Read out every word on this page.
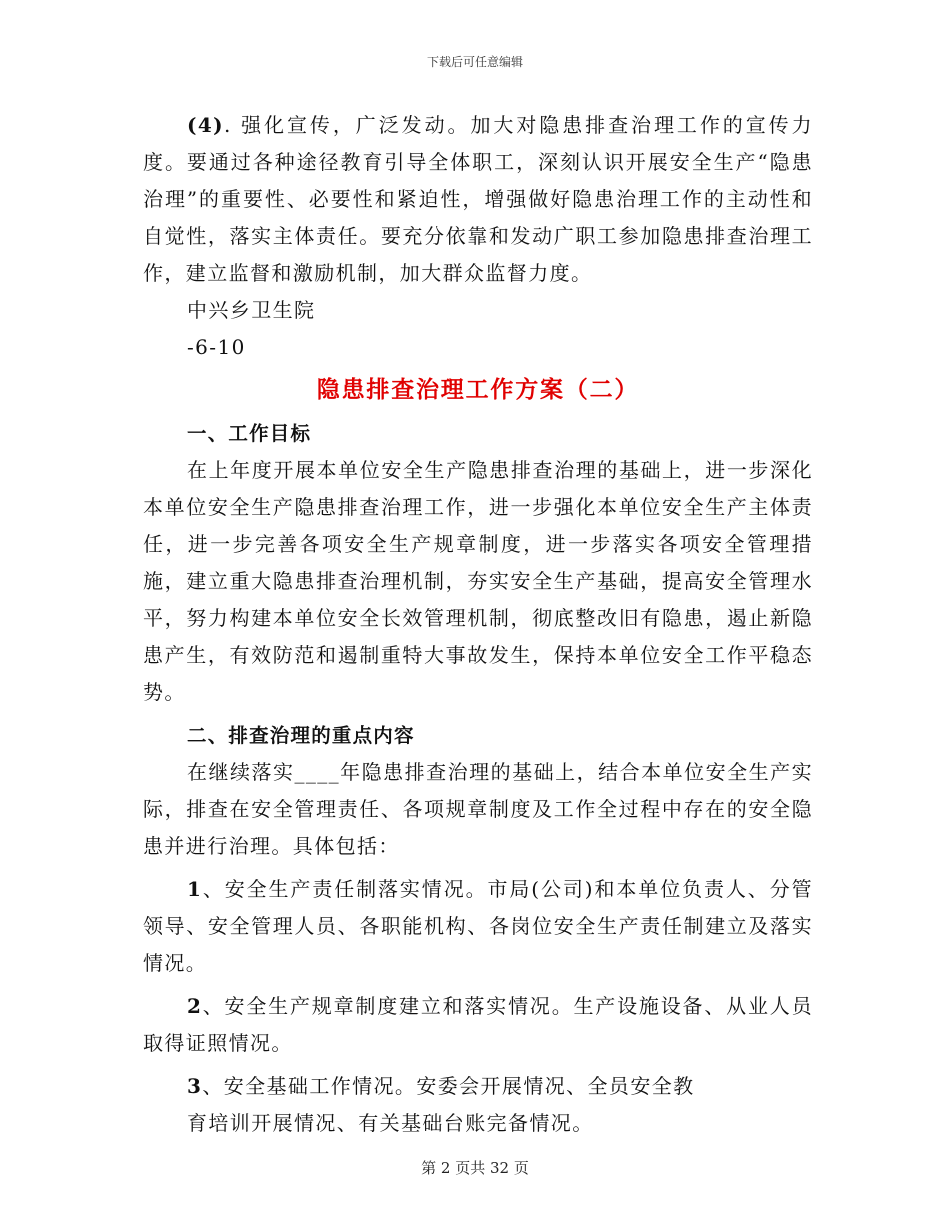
下载后可任意编辑

(4). 强化宣传，广泛发动。加大对隐患排查治理工作的宣传力度。要通过各种途径教育引导全体职工，深刻认识开展安全生产“隐患治理”的重要性、必要性和紧迫性，增强做好隐患治理工作的主动性和自觉性，落实主体责任。要充分依靠和发动广职工参加隐患排查治理工作，建立监督和激励机制，加大群众监督力度。

中兴乡卫生院

-6-10

隐患排查治理工作方案（二）

一、工作目标

在上年度开展本单位安全生产隐患排查治理的基础上，进一步深化本单位安全生产隐患排查治理工作，进一步强化本单位安全生产主体责任，进一步完善各项安全生产规章制度，进一步落实各项安全管理措施，建立重大隐患排查治理机制，夯实安全生产基础，提高安全管理水平，努力构建本单位安全长效管理机制，彻底整改旧有隐患，遏止新隐患产生，有效防范和遏制重特大事故发生，保持本单位安全工作平稳态势。

二、排查治理的重点内容

在继续落实____年隐患排查治理的基础上，结合本单位安全生产实际，排查在安全管理责任、各项规章制度及工作全过程中存在的安全隐患并进行治理。具体包括：

1、安全生产责任制落实情况。市局(公司)和本单位负责人、分管领导、安全管理人员、各职能机构、各岗位安全生产责任制建立及落实情况。

2、安全生产规章制度建立和落实情况。生产设施设备、从业人员取得证照情况。

3、安全基础工作情况。安委会开展情况、全员安全教

育培训开展情况、有关基础台账完备情况。

第 2 页共 32 页
